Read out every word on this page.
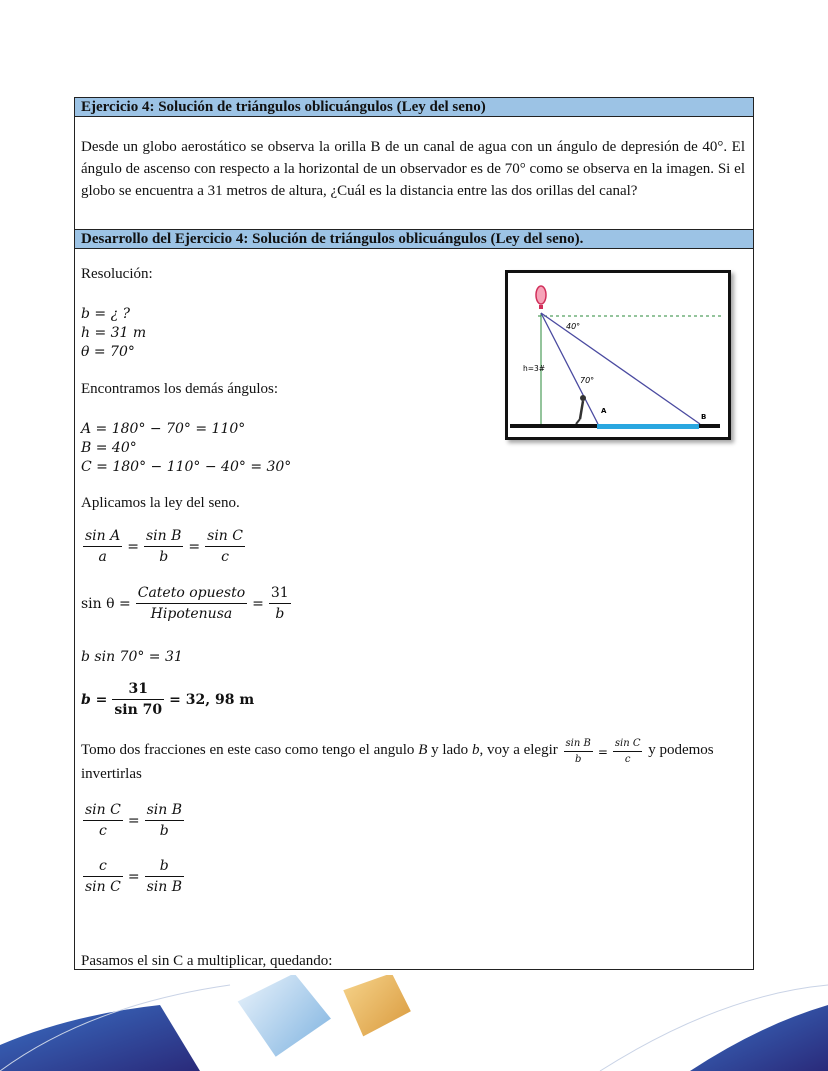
Ejercicio 4: Solución de triángulos oblicuángulos (Ley del seno)
Desde un globo aerostático se observa la orilla B de un canal de agua con un ángulo de depresión de 40°. El ángulo de ascenso con respecto a la horizontal de un observador es de 70° como se observa en la imagen. Si el globo se encuentra a 31 metros de altura, ¿Cuál es la distancia entre las dos orillas del canal?
Desarrollo del Ejercicio 4: Solución de triángulos oblicuángulos (Ley del seno).
Resolución:
b = ¿ ?
h = 31 m
θ = 70°
Encontramos los demás ángulos:
A = 180° − 70° = 110°
B = 40°
C = 180° − 110° − 40° = 30°
Aplicamos la ley del seno.
$\frac{\text{sin A}}{a} = \frac{\text{sin B}}{b} = \frac{\text{sin C}}{c}$
$\sin \theta = \frac{\text{Cateto opuesto}}{\text{Hipotenusa}} = \frac{31}{b}$
b sin 70° = 31
$b = \frac{31}{\sin 70} = 32$, 98 m
Tomo dos fracciones en este caso como tengo el angulo B y lado b, voy a elegir $\frac{\text{sin B}}{b} = \frac{\text{sin C}}{c}$ y podemos
invertirlas
$\frac{\text{sin C}}{c} = \frac{\text{sin B}}{b}$
$\frac{c}{\text{sin C}} = \frac{b}{\text{sin B}}$
Pasamos el sin C a multiplicar, quedando:
40°
h=3#
70°
A
B
